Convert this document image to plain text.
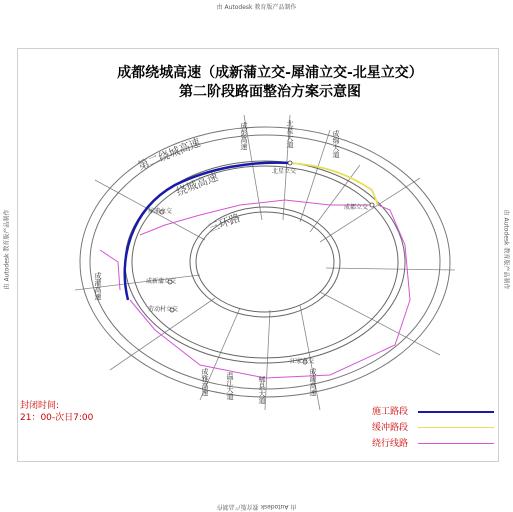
由 Autodesk 教育版产品制作
由 Autodesk 教育版产品制作
由 Autodesk 教育版产品制作	由 Autodesk 教育版产品制作
成都绕城高速（成新蒲立交-犀浦立交-北星立交）
第二阶段路面整治方案示意图
第二绕城高速
绕城高速
三环路
北星立交
成都立交
犀浦立交
成新蒲立交
劳动村立交
江家立交
成彭高速	北星大道	成绵大道
成雅高速 温江大道	郫县大道	成渝高速
成灌高速
封闭时间:
21：00-次日7:00
施工路段
缓冲路段
绕行线路
